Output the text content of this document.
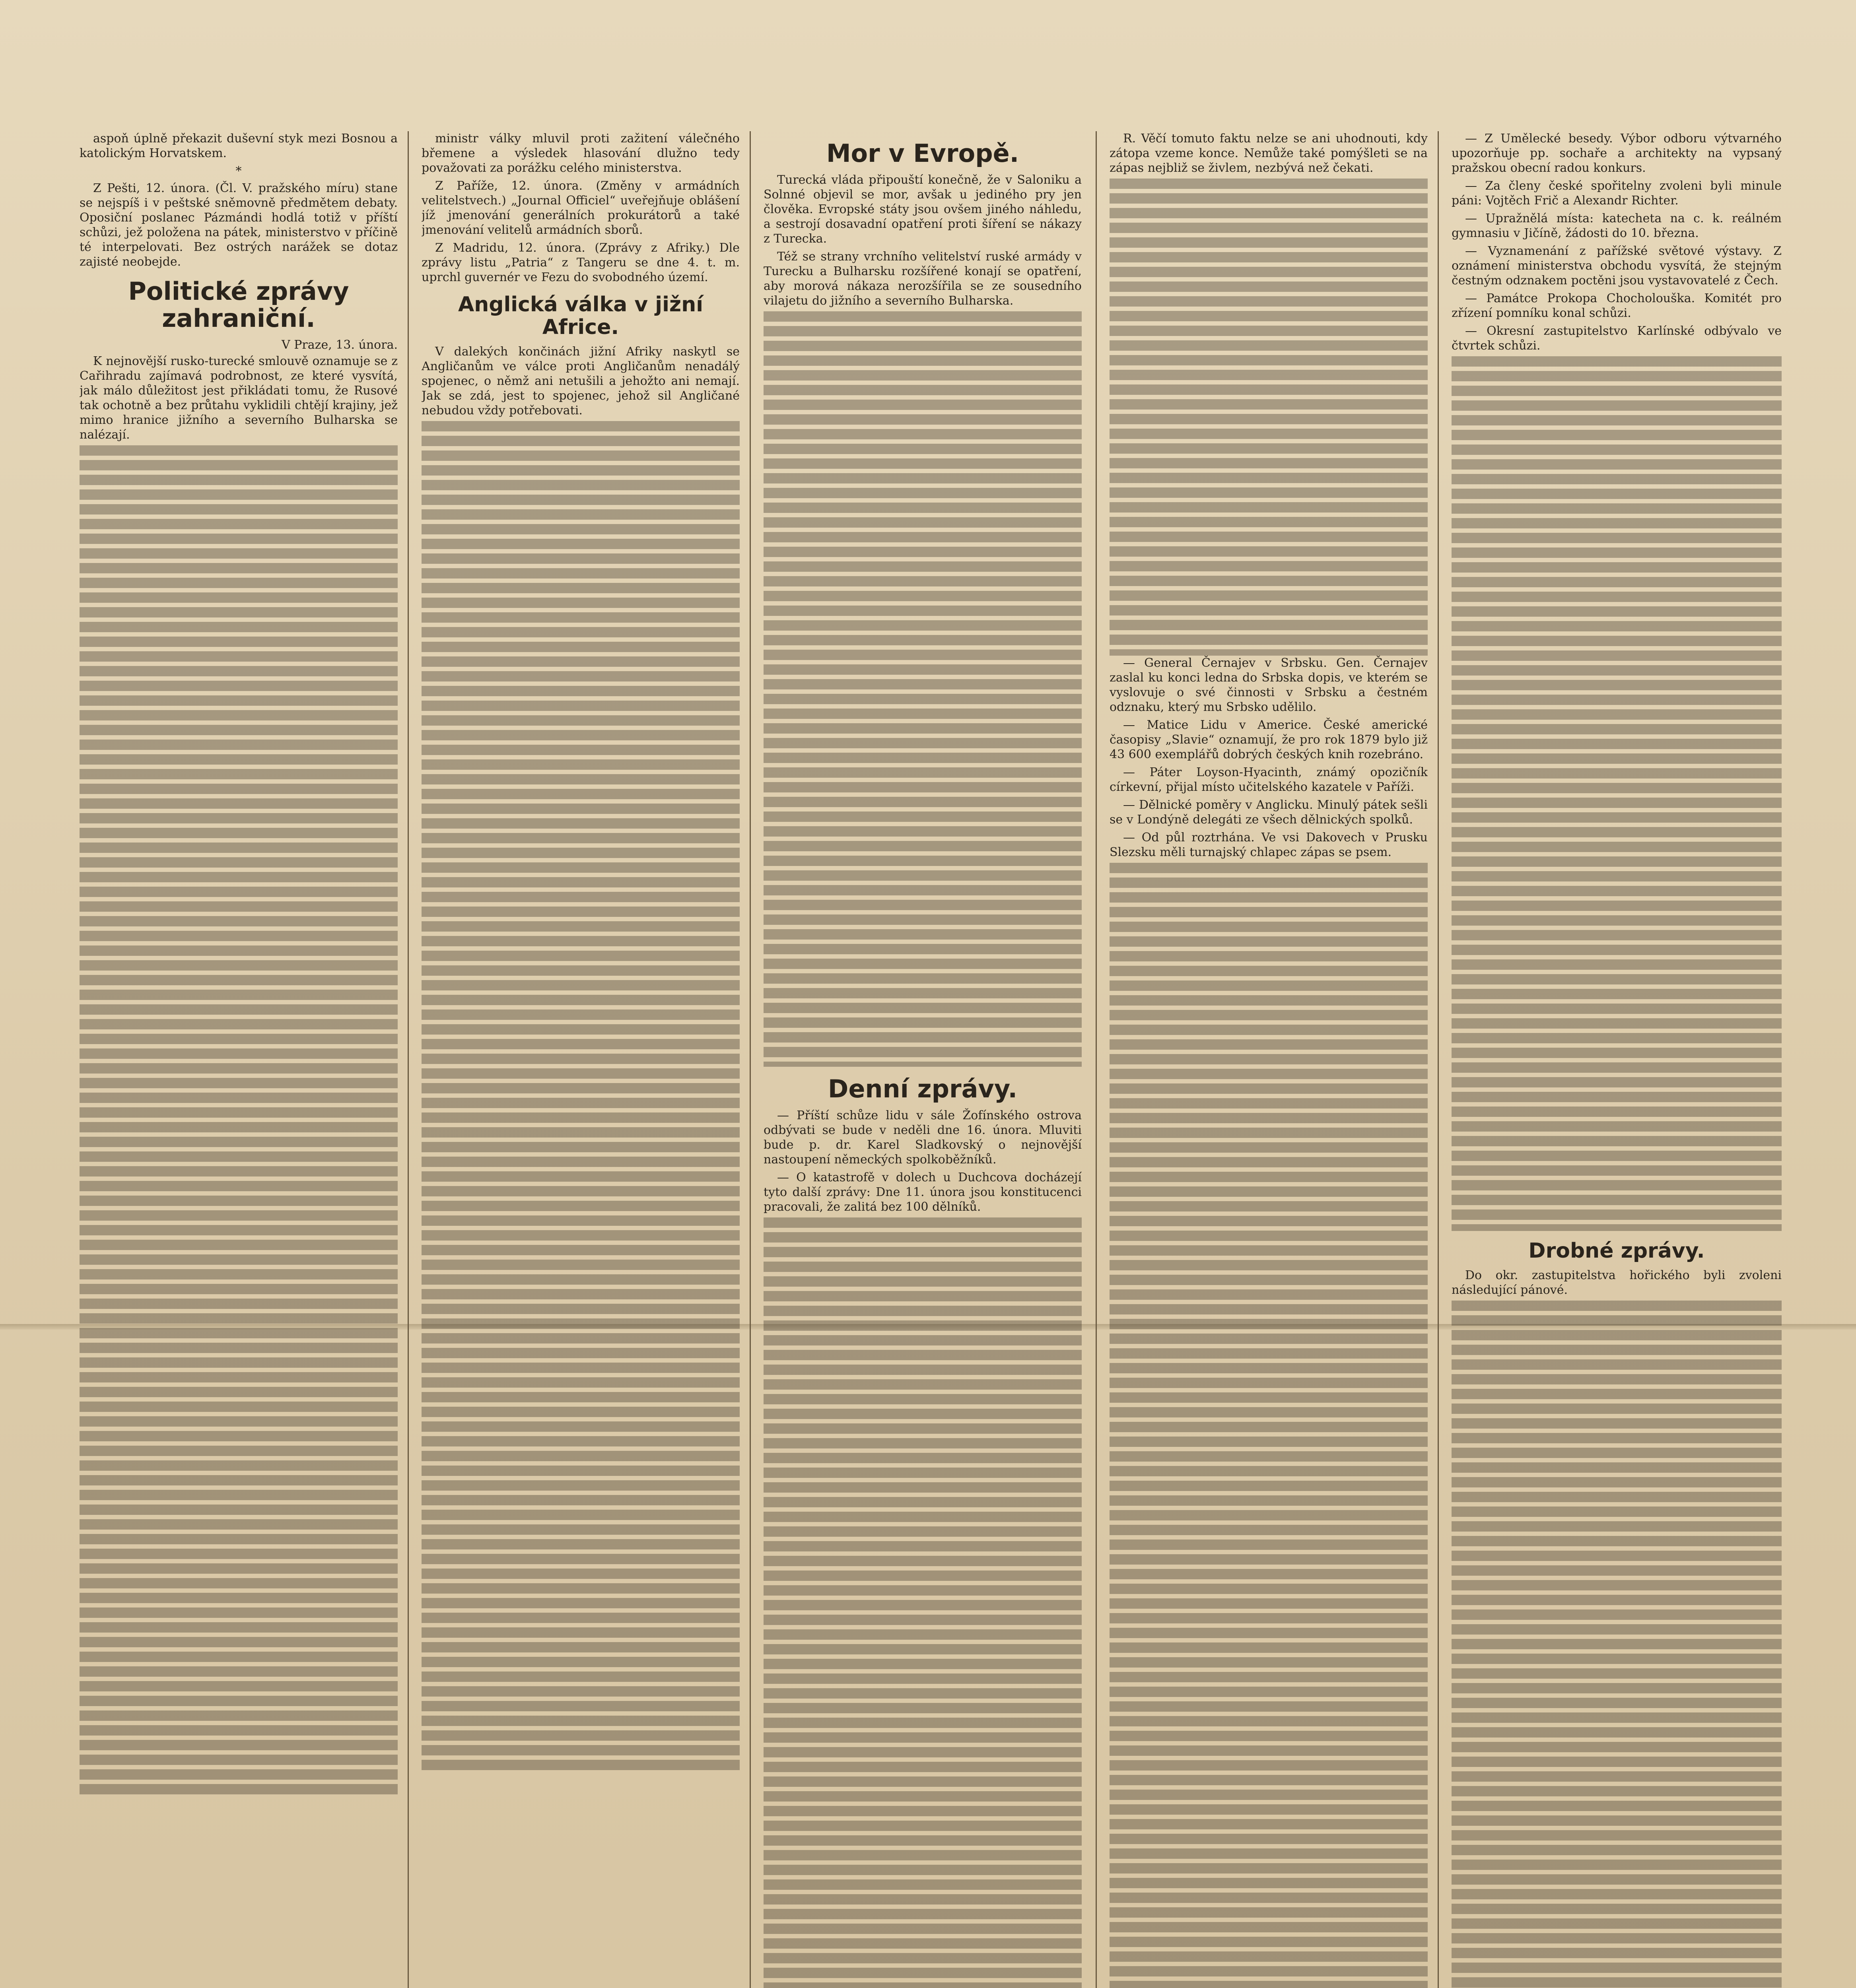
aspoň úplně překazit duševní styk mezi Bosnou a katolickým Horvatskem.

*

Z Pešti, 12. února. (Čl. V. pražského míru) stane se nejspíš i v peštské sněmovně předmětem debaty. Oposiční poslanec Pázmándi hodlá totiž v příští schůzi, jež položena na pátek, ministerstvo v příčině té interpelovati. Bez ostrých narážek se dotaz zajisté neobejde.

Politické zprávy zahraniční.
V Praze, 13. února.

K nejnovější rusko-turecké smlouvě oznamuje se z Cařihradu zajímavá podrobnost, ze které vysvítá, jak málo důležitost jest přikládati tomu, že Rusové tak ochotně a bez průtahu vyklidili chtějí krajiny, jež mimo hranice jižního a severního Bulharska se nalézají.

ministr války mluvil proti zažitení válečného břemene a výsledek hlasování dlužno tedy považovati za porážku celého ministerstva.

Z Paříže, 12. února. (Změny v armádních velitelstvech.) „Journal Officiel“ uveřejňuje oblášení jíž jmenování generálních prokurátorů a také jmenování velitelů armádních sborů.

Z Madridu, 12. února. (Zprávy z Afriky.) Dle zprávy listu „Patria“ z Tangeru se dne 4. t. m. uprchl guvernér ve Fezu do svobodného území.

Anglická válka v jižní Africe.

V dalekých končinách jižní Afriky naskytl se Angličanům ve válce proti Angličanům nenadálý spojenec, o němž ani netušili a jehožto ani nemají. Jak se zdá, jest to spojenec, jehož sil Angličané nebudou vždy potřebovati.

Mor v Evropě.

Turecká vláda připouští konečně, že v Saloniku a Solnné objevil se mor, avšak u jediného pry jen člověka. Evropské státy jsou ovšem jiného náhledu, a sestrojí dosavadní opatření proti šíření se nákazy z Turecka.

Též se strany vrchního velitelství ruské armády v Turecku a Bulharsku rozšířené konají se opatření, aby morová nákaza nerozšířila se ze sousedního vilajetu do jižního a severního Bulharska.

Denní zprávy.

— Příští schůze lidu v sále Žofínského ostrova odbývati se bude v neděli dne 16. února. Mluviti bude p. dr. Karel Sladkovský o nejnovější nastoupení německých spolkoběžníků.

— O katastrofě v dolech u Duchcova docházejí tyto další zprávy: Dne 11. února jsou konstitucenci pracovali, že zalitá bez 100 dělníků.

R. Věčí tomuto faktu nelze se ani uhodnouti, kdy zátopa vzeme konce. Nemůže také pomýšleti se na zápas nejbliž se živlem, nezbývá než čekati.

— General Černajev v Srbsku. Gen. Černajev zaslal ku konci ledna do Srbska dopis, ve kterém se vyslovuje o své činnosti v Srbsku a čestném odznaku, který mu Srbsko udělilo.

— Matice Lidu v Americe. České americké časopisy „Slavie“ oznamují, že pro rok 1879 bylo již 43 600 exemplářů dobrých českých knih rozebráno.

— Páter Loyson-Hyacinth, známý opozičník církevní, přijal místo učitelského kazatele v Paříži.

— Dělnické poměry v Anglicku. Minulý pátek sešli se v Londýně delegáti ze všech dělnických spolků.

— Od půl roztrhána. Ve vsi Dakovech v Prusku Slezsku měli turnajský chlapec zápas se psem.

— Z Umělecké besedy. Výbor odboru výtvarného upozorňuje pp. sochaře a architekty na vypsaný pražskou obecní radou konkurs.

— Za členy české spořitelny zvoleni byli minule páni: Vojtěch Frič a Alexandr Richter.

— Upražnělá místa: katecheta na c. k. reálném gymnasiu v Jičíně, žádosti do 10. března.

— Vyznamenání z pařížské světové výstavy. Z oznámení ministerstva obchodu vysvítá, že stejným čestným odznakem poctěni jsou vystavovatelé z Čech.

— Památce Prokopa Chocholouška. Komitét pro zřízení pomníku konal schůzi.

— Okresní zastupitelstvo Karlínské odbývalo ve čtvrtek schůzi.

Drobné zprávy.

Do okr. zastupitelstva hořického byli zvoleni následující pánové.
